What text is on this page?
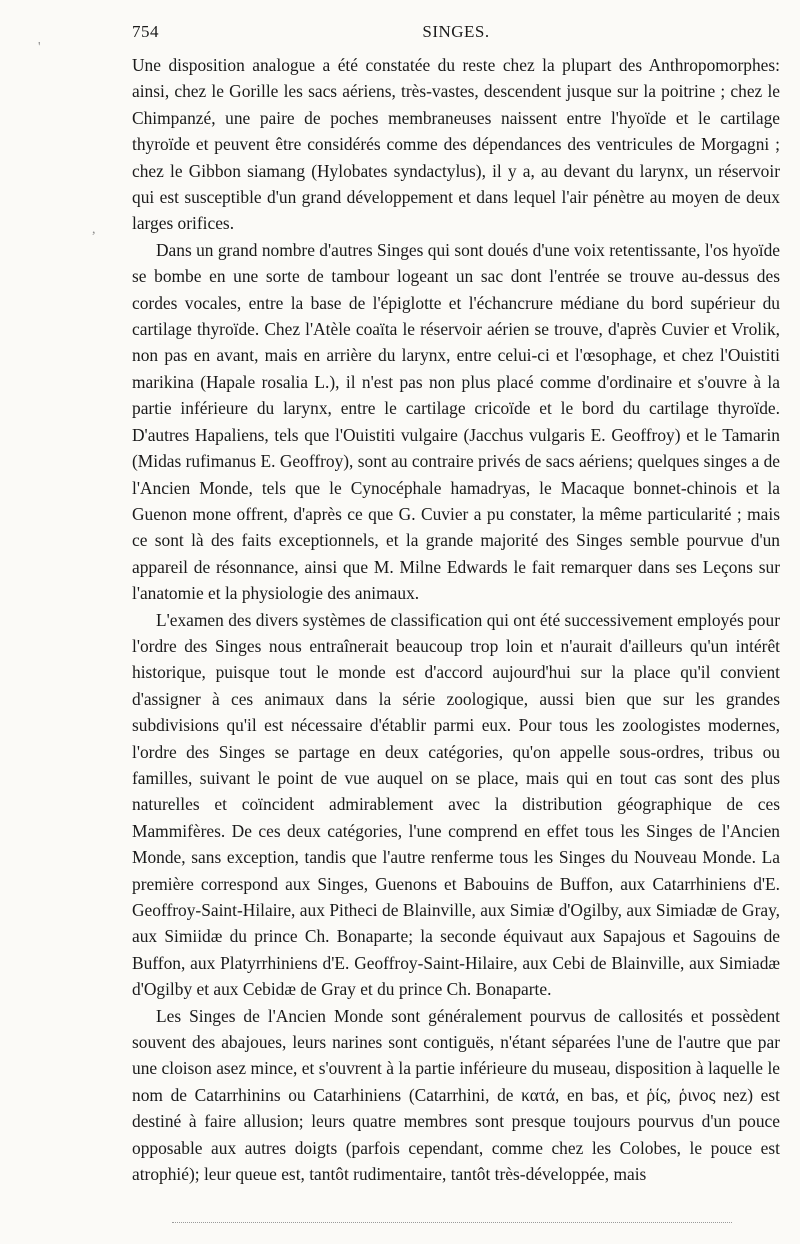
'
,
754	SINGES.

Une disposition analogue a été constatée du reste chez la plupart des Anthropomorphes: ainsi, chez le Gorille les sacs aériens, très-vastes, descendent jusque sur la poitrine ; chez le Chimpanzé, une paire de poches membraneuses naissent entre l'hyoïde et le cartilage thyroïde et peuvent être considérés comme des dépendances des ventricules de Morgagni ; chez le Gibbon siamang (Hylobates syndactylus), il y a, au devant du larynx, un réservoir qui est susceptible d'un grand développement et dans lequel l'air pénètre au moyen de deux larges orifices.

Dans un grand nombre d'autres Singes qui sont doués d'une voix retentissante, l'os hyoïde se bombe en une sorte de tambour logeant un sac dont l'entrée se trouve au-dessus des cordes vocales, entre la base de l'épiglotte et l'échancrure médiane du bord supérieur du cartilage thyroïde. Chez l'Atèle coaïta le réservoir aérien se trouve, d'après Cuvier et Vrolik, non pas en avant, mais en arrière du larynx, entre celui-ci et l'œsophage, et chez l'Ouistiti marikina (Hapale rosalia L.), il n'est pas non plus placé comme d'ordinaire et s'ouvre à la partie inférieure du larynx, entre le cartilage cricoïde et le bord du cartilage thyroïde. D'autres Hapaliens, tels que l'Ouistiti vulgaire (Jacchus vulgaris E. Geoffroy) et le Tamarin (Midas rufimanus E. Geoffroy), sont au contraire privés de sacs aériens; quelques singes a de l'Ancien Monde, tels que le Cynocéphale hamadryas, le Macaque bonnet-chinois et la Guenon mone offrent, d'après ce que G. Cuvier a pu constater, la même particularité ; mais ce sont là des faits exceptionnels, et la grande majorité des Singes semble pourvue d'un appareil de résonnance, ainsi que M. Milne Edwards le fait remarquer dans ses Leçons sur l'anatomie et la physiologie des animaux.

L'examen des divers systèmes de classification qui ont été successivement employés pour l'ordre des Singes nous entraînerait beaucoup trop loin et n'aurait d'ailleurs qu'un intérêt historique, puisque tout le monde est d'accord aujourd'hui sur la place qu'il convient d'assigner à ces animaux dans la série zoologique, aussi bien que sur les grandes subdivisions qu'il est nécessaire d'établir parmi eux. Pour tous les zoologistes modernes, l'ordre des Singes se partage en deux catégories, qu'on appelle sous-ordres, tribus ou familles, suivant le point de vue auquel on se place, mais qui en tout cas sont des plus naturelles et coïncident admirablement avec la distribution géographique de ces Mammifères. De ces deux catégories, l'une comprend en effet tous les Singes de l'Ancien Monde, sans exception, tandis que l'autre renferme tous les Singes du Nouveau Monde. La première correspond aux Singes, Guenons et Babouins de Buffon, aux Catarrhiniens d'E. Geoffroy-Saint-Hilaire, aux Pitheci de Blainville, aux Simiæ d'Ogilby, aux Simiadæ de Gray, aux Simiidæ du prince Ch. Bonaparte; la seconde équivaut aux Sapajous et Sagouins de Buffon, aux Platyrrhiniens d'E. Geoffroy-Saint-Hilaire, aux Cebi de Blainville, aux Simiadæ d'Ogilby et aux Cebidæ de Gray et du prince Ch. Bonaparte.

Les Singes de l'Ancien Monde sont généralement pourvus de callosités et possèdent souvent des abajoues, leurs narines sont contiguës, n'étant séparées l'une de l'autre que par une cloison asez mince, et s'ouvrent à la partie inférieure du museau, disposition à laquelle le nom de Catarrhinins ou Catarhiniens (Catarrhini, de κατά, en bas, et ῥίς, ῥινος nez) est destiné à faire allusion; leurs quatre membres sont presque toujours pourvus d'un pouce opposable aux autres doigts (parfois cependant, comme chez les Colobes, le pouce est atrophié); leur queue est, tantôt rudimentaire, tantôt très-développée, mais
